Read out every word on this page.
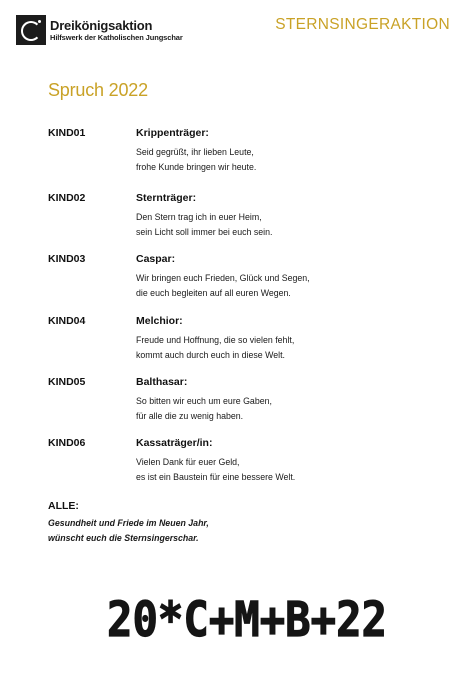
Dreikönigsaktion
Hilfswerk der Katholischen Jungschar
STERNSINGERAKTION
Spruch 2022
KIND01	Krippenträger:
Seid gegrüßt, ihr lieben Leute,
frohe Kunde bringen wir heute.
KIND02	Sternträger:
Den Stern trag ich in euer Heim,
sein Licht soll immer bei euch sein.
KIND03	Caspar:
Wir bringen euch Frieden, Glück und Segen,
die euch begleiten auf all euren Wegen.
KIND04	Melchior:
Freude und Hoffnung, die so vielen fehlt,
kommt auch durch euch in diese Welt.
KIND05	Balthasar:
So bitten wir euch um eure Gaben,
für alle die zu wenig haben.
KIND06	Kassaträger/in:
Vielen Dank für euer Geld,
es ist ein Baustein für eine bessere Welt.
ALLE:
Gesundheit und Friede im Neuen Jahr,
wünscht euch die Sternsingerschar.
20*C+M+B+22
